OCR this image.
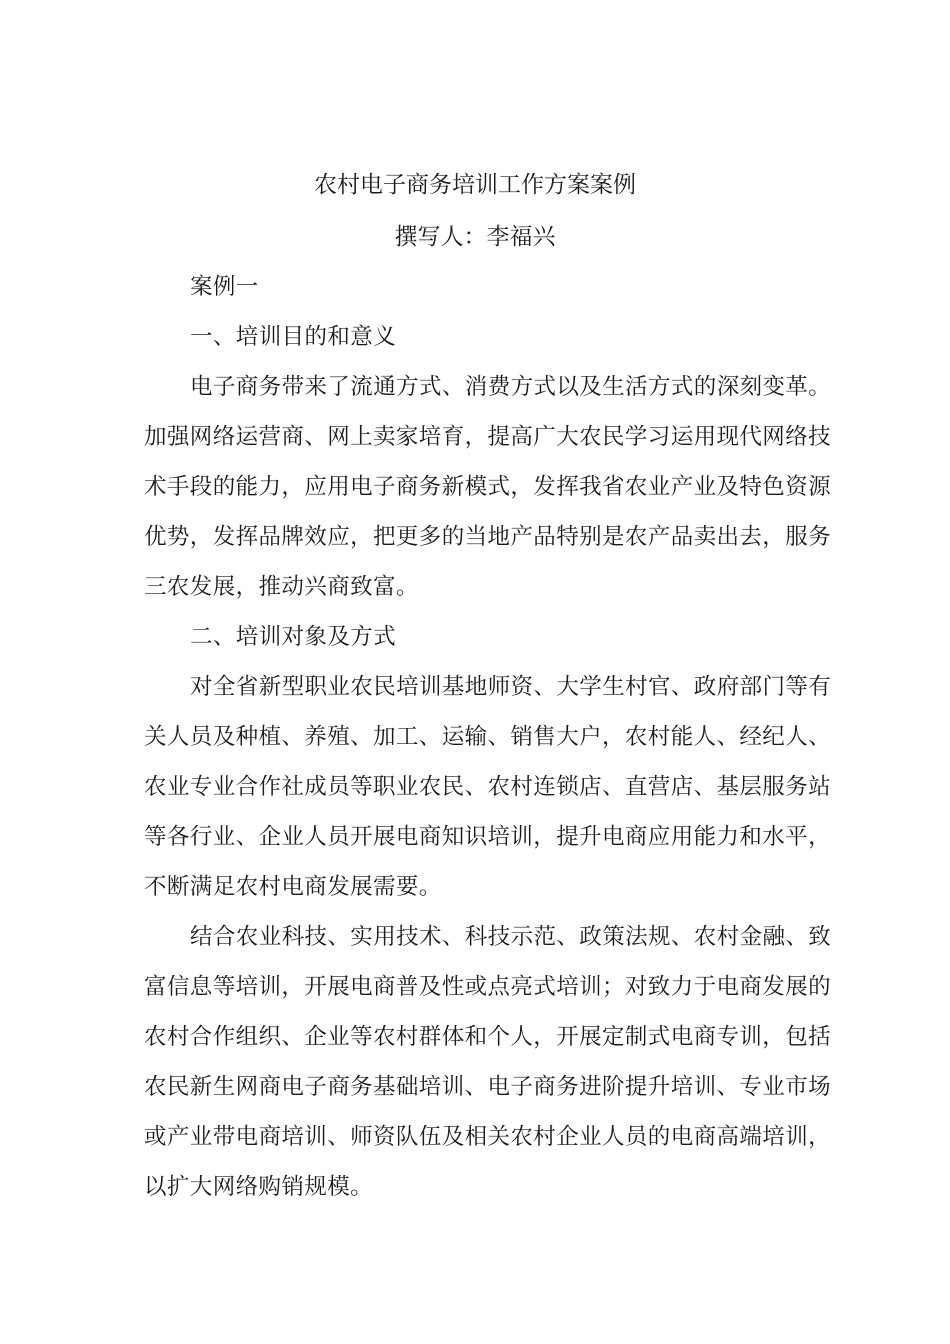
农村电子商务培训工作方案案例
撰写人：李福兴
案例一
一、培训目的和意义
电子商务带来了流通方式、消费方式以及生活方式的深刻变革。
加强网络运营商、网上卖家培育，提高广大农民学习运用现代网络技
术手段的能力，应用电子商务新模式，发挥我省农业产业及特色资源
优势，发挥品牌效应，把更多的当地产品特别是农产品卖出去，服务
三农发展，推动兴商致富。
二、培训对象及方式
对全省新型职业农民培训基地师资、大学生村官、政府部门等有
关人员及种植、养殖、加工、运输、销售大户，农村能人、经纪人、
农业专业合作社成员等职业农民、农村连锁店、直营店、基层服务站
等各行业、企业人员开展电商知识培训，提升电商应用能力和水平，
不断满足农村电商发展需要。
结合农业科技、实用技术、科技示范、政策法规、农村金融、致
富信息等培训，开展电商普及性或点亮式培训；对致力于电商发展的
农村合作组织、企业等农村群体和个人，开展定制式电商专训，包括
农民新生网商电子商务基础培训、电子商务进阶提升培训、专业市场
或产业带电商培训、师资队伍及相关农村企业人员的电商高端培训，
以扩大网络购销规模。
